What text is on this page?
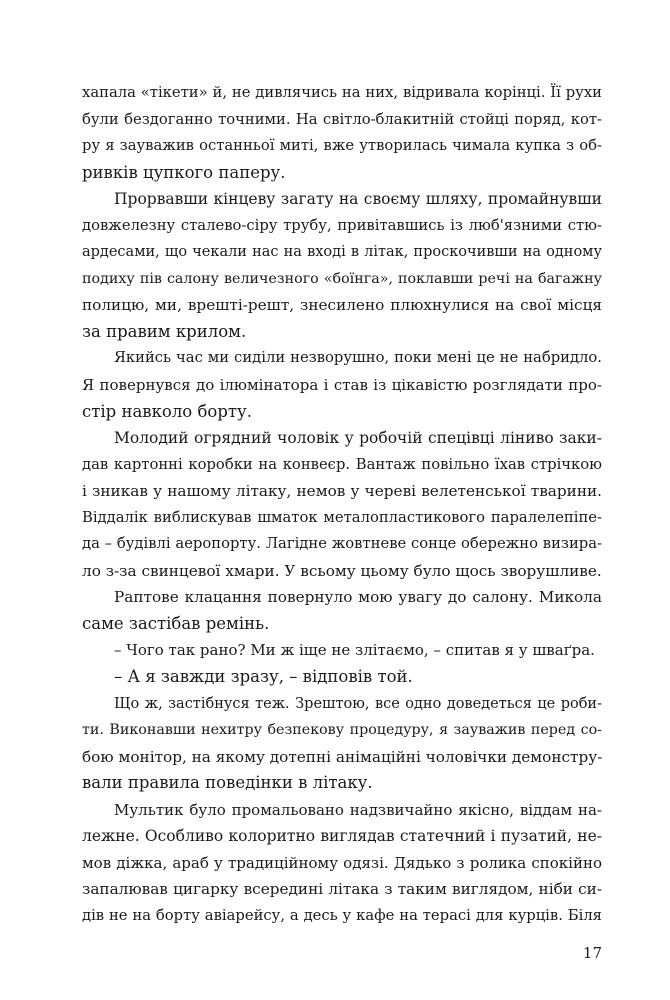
хапала «тікети» й, не дивлячись на них, відривала корінці. Її рухи
були бездоганно точними. На світло-блакитній стойці поряд, кот-
ру я зауважив останньої миті, вже утворилась чимала купка з об-
ривків цупкого паперу.
Прорвавши кінцеву загату на своєму шляху, промайнувши
довжелезну сталево-сіру трубу, привітавшись із люб'язними стю-
ардесами, що чекали нас на вході в літак, проскочивши на одному
подиху пів салону величезного «боїнга», поклавши речі на багажну
полицю, ми, врешті-решт, знесилено плюхнулися на свої місця
за правим крилом.
Якийсь час ми сиділи незворушно, поки мені це не набридло.
Я повернувся до ілюмінатора і став із цікавістю розглядати про-
стір навколо борту.
Молодий огрядний чоловік у робочій спецівці ліниво заки-
дав картонні коробки на конвеєр. Вантаж повільно їхав стрічкою
і зникав у нашому літаку, немов у череві велетенської тварини.
Віддалік виблискував шматок металопластикового паралелепіпе-
да – будівлі аеропорту. Лагідне жовтневе сонце обережно визира-
ло з-за свинцевої хмари. У всьому цьому було щось зворушливе.
Раптове клацання повернуло мою увагу до салону. Микола
саме застібав ремінь.
– Чого так рано? Ми ж іще не злітаємо, – спитав я у шваґра.
– А я завжди зразу, – відповів той.
Що ж, застібнуся теж. Зрештою, все одно доведеться це роби-
ти. Виконавши нехитру безпекову процедуру, я зауважив перед со-
бою монітор, на якому дотепні анімаційні чоловічки демонстру-
вали правила поведінки в літаку.
Мультик було промальовано надзвичайно якісно, віддам на-
лежне. Особливо колоритно виглядав статечний і пузатий, не-
мов діжка, араб у традиційному одязі. Дядько з ролика спокійно
запалював цигарку всередині літака з таким виглядом, ніби си-
дів не на борту авіарейсу, а десь у кафе на терасі для курців. Біля
17
